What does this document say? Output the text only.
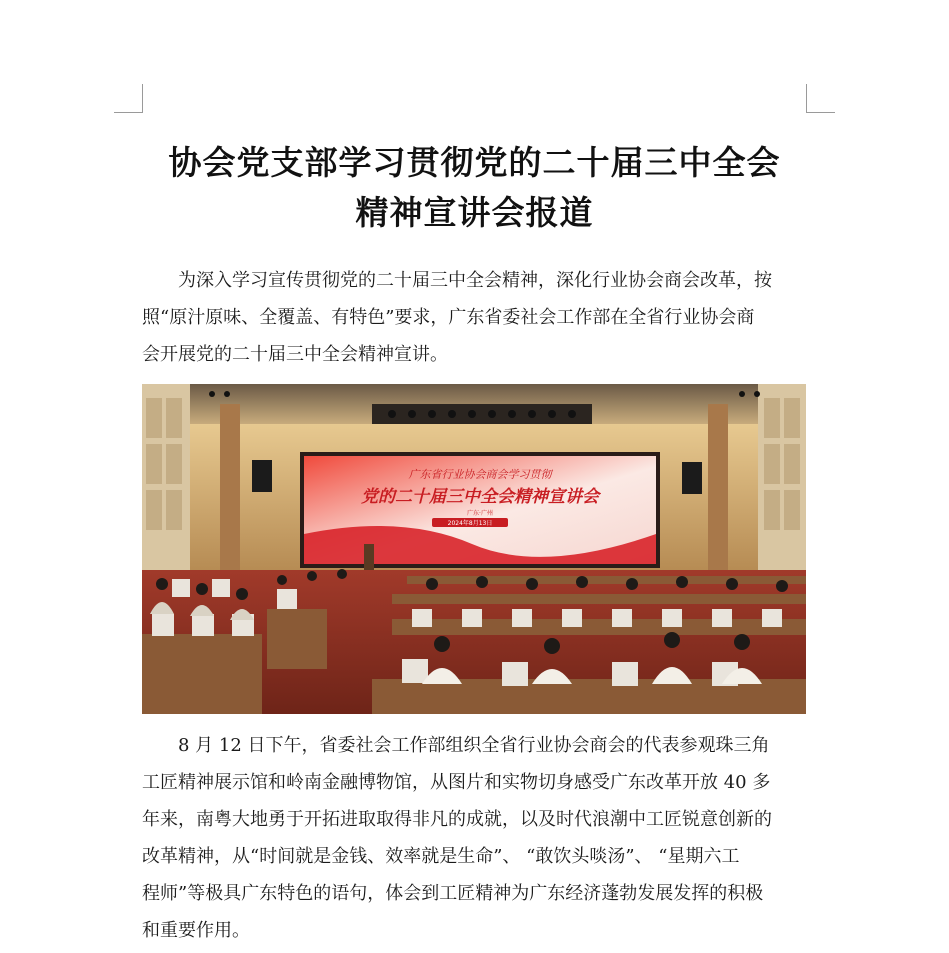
协会党支部学习贯彻党的二十届三中全会
精神宣讲会报道
为深入学习宣传贯彻党的二十届三中全会精神，深化行业协会商会改革，按
照“原汁原味、全覆盖、有特色”要求，广东省委社会工作部在全省行业协会商
会开展党的二十届三中全会精神宣讲。
广东省行业协会商会学习贯彻
党的二十届三中全会精神宣讲会
广东·广州
2024年8月13日
8 月 12 日下午，省委社会工作部组织全省行业协会商会的代表参观珠三角
工匠精神展示馆和岭南金融博物馆，从图片和实物切身感受广东改革开放 40 多
年来，南粤大地勇于开拓进取取得非凡的成就，以及时代浪潮中工匠锐意创新的
改革精神，从“时间就是金钱、效率就是生命”、 “敢饮头啖汤”、 “星期六工
程师”等极具广东特色的语句，体会到工匠精神为广东经济蓬勃发展发挥的积极
和重要作用。
